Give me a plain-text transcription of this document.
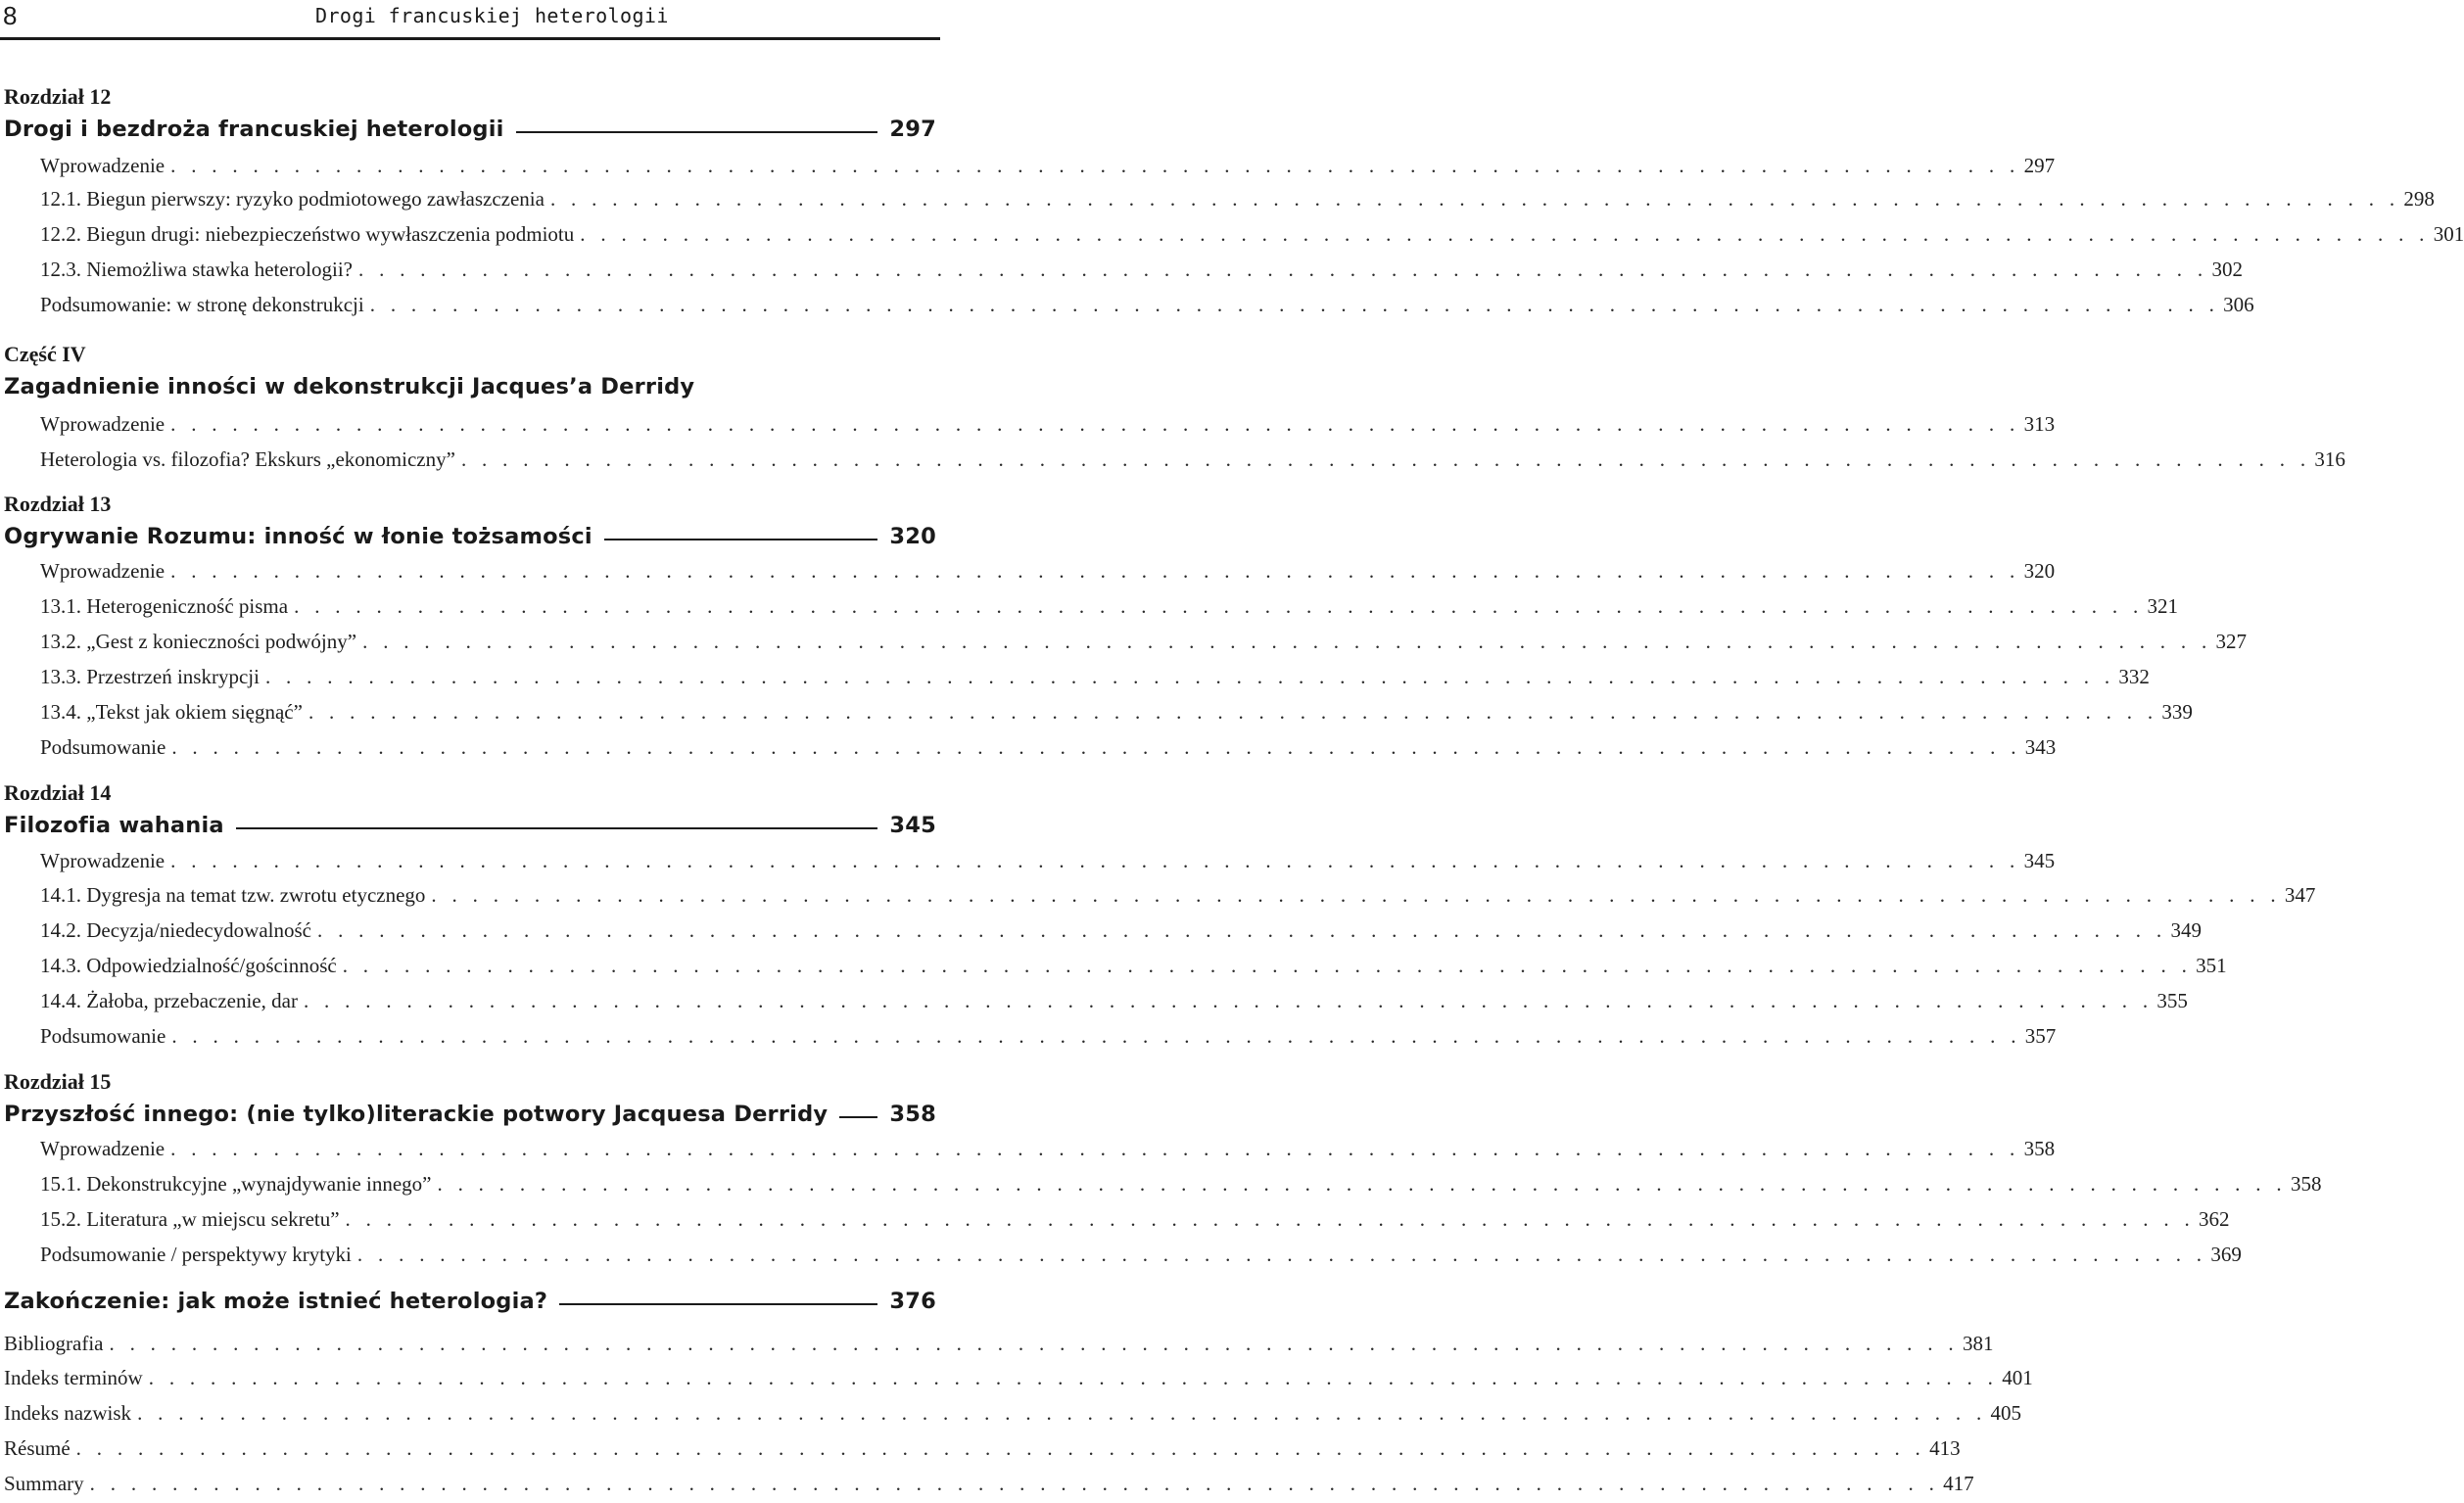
8	Drogi francuskiej heterologii
Rozdział 12
Drogi i bezdroża francuskiej heterologii	297
Wprowadzenie . . . . . . . . . . . . . . . . . . . . . . . . . . . . . . . . . . . . . . . . . . . . . . . . . . . . . . . . . . . . . . . . . . . . . . . . . . . . . . . . . . . . . . . . . . 297
12.1. Biegun pierwszy: ryzyko podmiotowego zawłaszczenia . . . . . . . . . . . . . . . . . . . . . . . . . . . . . . . . . . . . . . . . . . . . . . . . . . . . . . . . . . . . . . . . . . . . . . . . . . . . . . . . . . . . . . . . . . 298
12.2. Biegun drugi: niebezpieczeństwo wywłaszczenia podmiotu . . . . . . . . . . . . . . . . . . . . . . . . . . . . . . . . . . . . . . . . . . . . . . . . . . . . . . . . . . . . . . . . . . . . . . . . . . . . . . . . . . . . . . . . . . 301
12.3. Niemożliwa stawka heterologii? . . . . . . . . . . . . . . . . . . . . . . . . . . . . . . . . . . . . . . . . . . . . . . . . . . . . . . . . . . . . . . . . . . . . . . . . . . . . . . . . . . . . . . . . . . 302
Podsumowanie: w stronę dekonstrukcji . . . . . . . . . . . . . . . . . . . . . . . . . . . . . . . . . . . . . . . . . . . . . . . . . . . . . . . . . . . . . . . . . . . . . . . . . . . . . . . . . . . . . . . . . . 306
Część IV
Zagadnienie inności w dekonstrukcji Jacques’a Derridy
Wprowadzenie . . . . . . . . . . . . . . . . . . . . . . . . . . . . . . . . . . . . . . . . . . . . . . . . . . . . . . . . . . . . . . . . . . . . . . . . . . . . . . . . . . . . . . . . . . 313
Heterologia vs. filozofia? Ekskurs „ekonomiczny” . . . . . . . . . . . . . . . . . . . . . . . . . . . . . . . . . . . . . . . . . . . . . . . . . . . . . . . . . . . . . . . . . . . . . . . . . . . . . . . . . . . . . . . . . . 316
Rozdział 13
Ogrywanie Rozumu: inność w łonie tożsamości	320
Wprowadzenie . . . . . . . . . . . . . . . . . . . . . . . . . . . . . . . . . . . . . . . . . . . . . . . . . . . . . . . . . . . . . . . . . . . . . . . . . . . . . . . . . . . . . . . . . . 320
13.1. Heterogeniczność pisma . . . . . . . . . . . . . . . . . . . . . . . . . . . . . . . . . . . . . . . . . . . . . . . . . . . . . . . . . . . . . . . . . . . . . . . . . . . . . . . . . . . . . . . . . . 321
13.2. „Gest z konieczności podwójny” . . . . . . . . . . . . . . . . . . . . . . . . . . . . . . . . . . . . . . . . . . . . . . . . . . . . . . . . . . . . . . . . . . . . . . . . . . . . . . . . . . . . . . . . . . 327
13.3. Przestrzeń inskrypcji . . . . . . . . . . . . . . . . . . . . . . . . . . . . . . . . . . . . . . . . . . . . . . . . . . . . . . . . . . . . . . . . . . . . . . . . . . . . . . . . . . . . . . . . . . 332
13.4. „Tekst jak okiem sięgnąć” . . . . . . . . . . . . . . . . . . . . . . . . . . . . . . . . . . . . . . . . . . . . . . . . . . . . . . . . . . . . . . . . . . . . . . . . . . . . . . . . . . . . . . . . . . 339
Podsumowanie . . . . . . . . . . . . . . . . . . . . . . . . . . . . . . . . . . . . . . . . . . . . . . . . . . . . . . . . . . . . . . . . . . . . . . . . . . . . . . . . . . . . . . . . . . 343
Rozdział 14
Filozofia wahania	345
Wprowadzenie . . . . . . . . . . . . . . . . . . . . . . . . . . . . . . . . . . . . . . . . . . . . . . . . . . . . . . . . . . . . . . . . . . . . . . . . . . . . . . . . . . . . . . . . . . 345
14.1. Dygresja na temat tzw. zwrotu etycznego . . . . . . . . . . . . . . . . . . . . . . . . . . . . . . . . . . . . . . . . . . . . . . . . . . . . . . . . . . . . . . . . . . . . . . . . . . . . . . . . . . . . . . . . . . 347
14.2. Decyzja/niedecydowalność . . . . . . . . . . . . . . . . . . . . . . . . . . . . . . . . . . . . . . . . . . . . . . . . . . . . . . . . . . . . . . . . . . . . . . . . . . . . . . . . . . . . . . . . . . 349
14.3. Odpowiedzialność/gościnność . . . . . . . . . . . . . . . . . . . . . . . . . . . . . . . . . . . . . . . . . . . . . . . . . . . . . . . . . . . . . . . . . . . . . . . . . . . . . . . . . . . . . . . . . . 351
14.4. Żałoba, przebaczenie, dar . . . . . . . . . . . . . . . . . . . . . . . . . . . . . . . . . . . . . . . . . . . . . . . . . . . . . . . . . . . . . . . . . . . . . . . . . . . . . . . . . . . . . . . . . . 355
Podsumowanie . . . . . . . . . . . . . . . . . . . . . . . . . . . . . . . . . . . . . . . . . . . . . . . . . . . . . . . . . . . . . . . . . . . . . . . . . . . . . . . . . . . . . . . . . . 357
Rozdział 15
Przyszłość innego: (nie tylko)literackie potwory Jacquesa Derridy	358
Wprowadzenie . . . . . . . . . . . . . . . . . . . . . . . . . . . . . . . . . . . . . . . . . . . . . . . . . . . . . . . . . . . . . . . . . . . . . . . . . . . . . . . . . . . . . . . . . . 358
15.1. Dekonstrukcyjne „wynajdywanie innego” . . . . . . . . . . . . . . . . . . . . . . . . . . . . . . . . . . . . . . . . . . . . . . . . . . . . . . . . . . . . . . . . . . . . . . . . . . . . . . . . . . . . . . . . . . 358
15.2. Literatura „w miejscu sekretu” . . . . . . . . . . . . . . . . . . . . . . . . . . . . . . . . . . . . . . . . . . . . . . . . . . . . . . . . . . . . . . . . . . . . . . . . . . . . . . . . . . . . . . . . . . 362
Podsumowanie / perspektywy krytyki . . . . . . . . . . . . . . . . . . . . . . . . . . . . . . . . . . . . . . . . . . . . . . . . . . . . . . . . . . . . . . . . . . . . . . . . . . . . . . . . . . . . . . . . . . 369
Zakończenie: jak może istnieć heterologia?	376
Bibliografia . . . . . . . . . . . . . . . . . . . . . . . . . . . . . . . . . . . . . . . . . . . . . . . . . . . . . . . . . . . . . . . . . . . . . . . . . . . . . . . . . . . . . . . . . . 381
Indeks terminów . . . . . . . . . . . . . . . . . . . . . . . . . . . . . . . . . . . . . . . . . . . . . . . . . . . . . . . . . . . . . . . . . . . . . . . . . . . . . . . . . . . . . . . . . . 401
Indeks nazwisk . . . . . . . . . . . . . . . . . . . . . . . . . . . . . . . . . . . . . . . . . . . . . . . . . . . . . . . . . . . . . . . . . . . . . . . . . . . . . . . . . . . . . . . . . . 405
Résumé . . . . . . . . . . . . . . . . . . . . . . . . . . . . . . . . . . . . . . . . . . . . . . . . . . . . . . . . . . . . . . . . . . . . . . . . . . . . . . . . . . . . . . . . . . 413
Summary . . . . . . . . . . . . . . . . . . . . . . . . . . . . . . . . . . . . . . . . . . . . . . . . . . . . . . . . . . . . . . . . . . . . . . . . . . . . . . . . . . . . . . . . . . 417
